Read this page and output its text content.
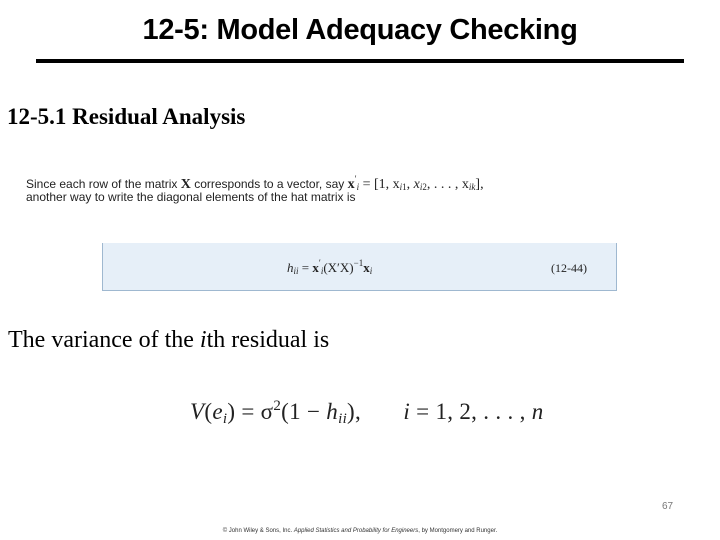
12-5: Model Adequacy Checking
12-5.1 Residual Analysis
Since each row of the matrix X corresponds to a vector, say $x'_i = [1$, $x_{i1}$, $x_{i2}$, . . . , $x_{ik}$],
another way to write the diagonal elements of the hat matrix is
$h_{ii} = x'_i(X'X)^{-1}x_i$	(12-44)
The variance of the ith residual is
$V(e_i) = \sigma^2(1 - h_{ii})$,       i = 1, 2, . . . , n
67
© John Wiley & Sons, Inc. Applied Statistics and Probability for Engineers, by Montgomery and Runger.
